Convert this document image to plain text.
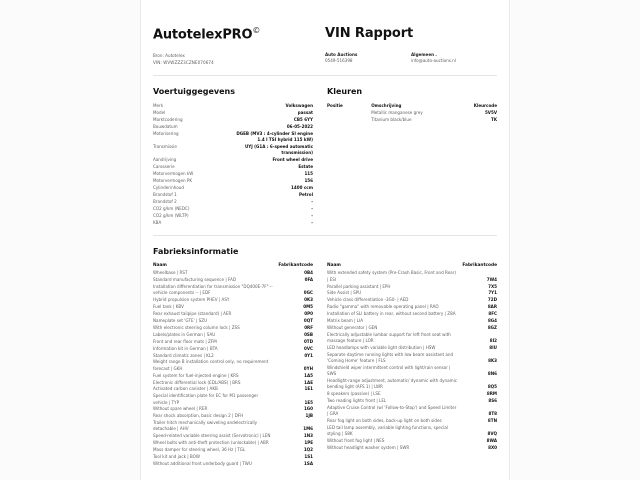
AutotelexPRO©
Bron: Autotelex
VIN: WVWZZZ3CZNE070674
VIN Rapport
Auto Auctions
0549-516398
Algemeen .
info@auto-auctions.nl
Voertuiggegevens
Merk	Volkswagen
Model	passat
Marktcodering	CB5 6YY
Bouwdatum	06-05-2022
Motorisering	DGEB (MV3 : 4-cylinder SI engine 1.4 l TSI hybrid 115 kW)
Transmissie	UYJ (G1A : 6-speed automatic transmission)
Aandrijving	Front wheel drive
Carosserie	Estate
Motorvermogen kW	115
Motorvermogen PK	156
Cylinderinhoud	1400 ccm
Brandstof 1	Petrol
Brandstof 2	-
CO2 g/km (NEDC)	-
CO2 g/km (WLTP)	-
KBA	-
Kleuren
Positie	Omschrijving	Kleurcode
	Metallic manganese grey	5V5V
	Titanium black/blue	TK
Fabrieksinformatie
Naam	Fabrikantcode
Wheelbase | RST	0B4
Standard manufacturing sequence | FAD	0FA
Installation differentiation for transmission "DQ400E-7F" -- vehicle components -- | EDF	0GC
Hybrid propulsion system PHEV | ASY	0K3
Fuel tank | KBV	0M5
Rear exhaust tailpipe (standard) | AER	0P0
Nameplate set 'GTE' | SZU	0QT
With electronic steering column lock | ZSS	0RF
Labels/plates in German | SAU	0SB
Front and rear floor mats | ZFM	0TD
Information kit in German | BTA	0VC
Standard climatic zones | KL2	0Y1
Weight range B installation control only, no requirement forecast | GKH	0YH
Fuel system for fuel-injected engine | KRS	1A5
Electronic differential lock (EDL/ABS) | BRS	1AE
Activated carbon canister | AKB	1E1
Special identification plate for EC for M1 passenger vehicle | TYP	1E5
Without spare wheel | RER	1G0
Rear shock absorption, basic design 2 | DFH	1JB
Trailer hitch mechanically swiveling andelectrically detachable | AHV	1M6
Speed-related variable steering assist (Servotronic) | LEN	1N3
Wheel bolts with anti-theft protection (unlockable) | ABR	1PE
Mass damper for steering wheel, 36 Hz | TGL	1Q2
Tool kit and jack | BOW	1S1
Without additional front underbody guard | TWU	1SA
Naam	Fabrikantcode
With extended safety system (Pre-Crash Basic, Front and Rear) | ESI	7W4
Parallel parking assistant | EPH	7X5
Side Assist | SPU	7Y1
Vehicle class differentiation -3G0- | AED	72D
Radio "gamma" with removable operating panel | RAO	8AR
Installation of SLI battery in rear, without second battery | Z8A	8FC
Matrix beam | LIA	8G4
Without generator | GEN	8GZ
Electrically adjustable lumbar support for left front seat with massage feature | LOR	8I2
LED headlamps with variable light distribution | HSW	8IU
Separate daytime running lights with low beam assistant and 'Coming Home' feature | FLS	8K3
Windshield wiper intermittent control with light/rain sensor | SWS	8N6
Headlight-range adjustment, automatic/ dynamic with dynamic bending light (AFS 1) | LWR	8Q5
8 speakers (passive) | LSE	8RM
Two reading lights front | LEL	8S6
Adaptive Cruise Control (w/ 'Follow-to-Stop') and Speed Limiter | GRA	8T8
Rear fog light on both sides, back-up light on both sides	8TN
LED tail lamp assembly, variable lighting functions, special styling | S8K	8VQ
Without front fog light | NES	8WA
Without headlight washer system | SWR	8X0
